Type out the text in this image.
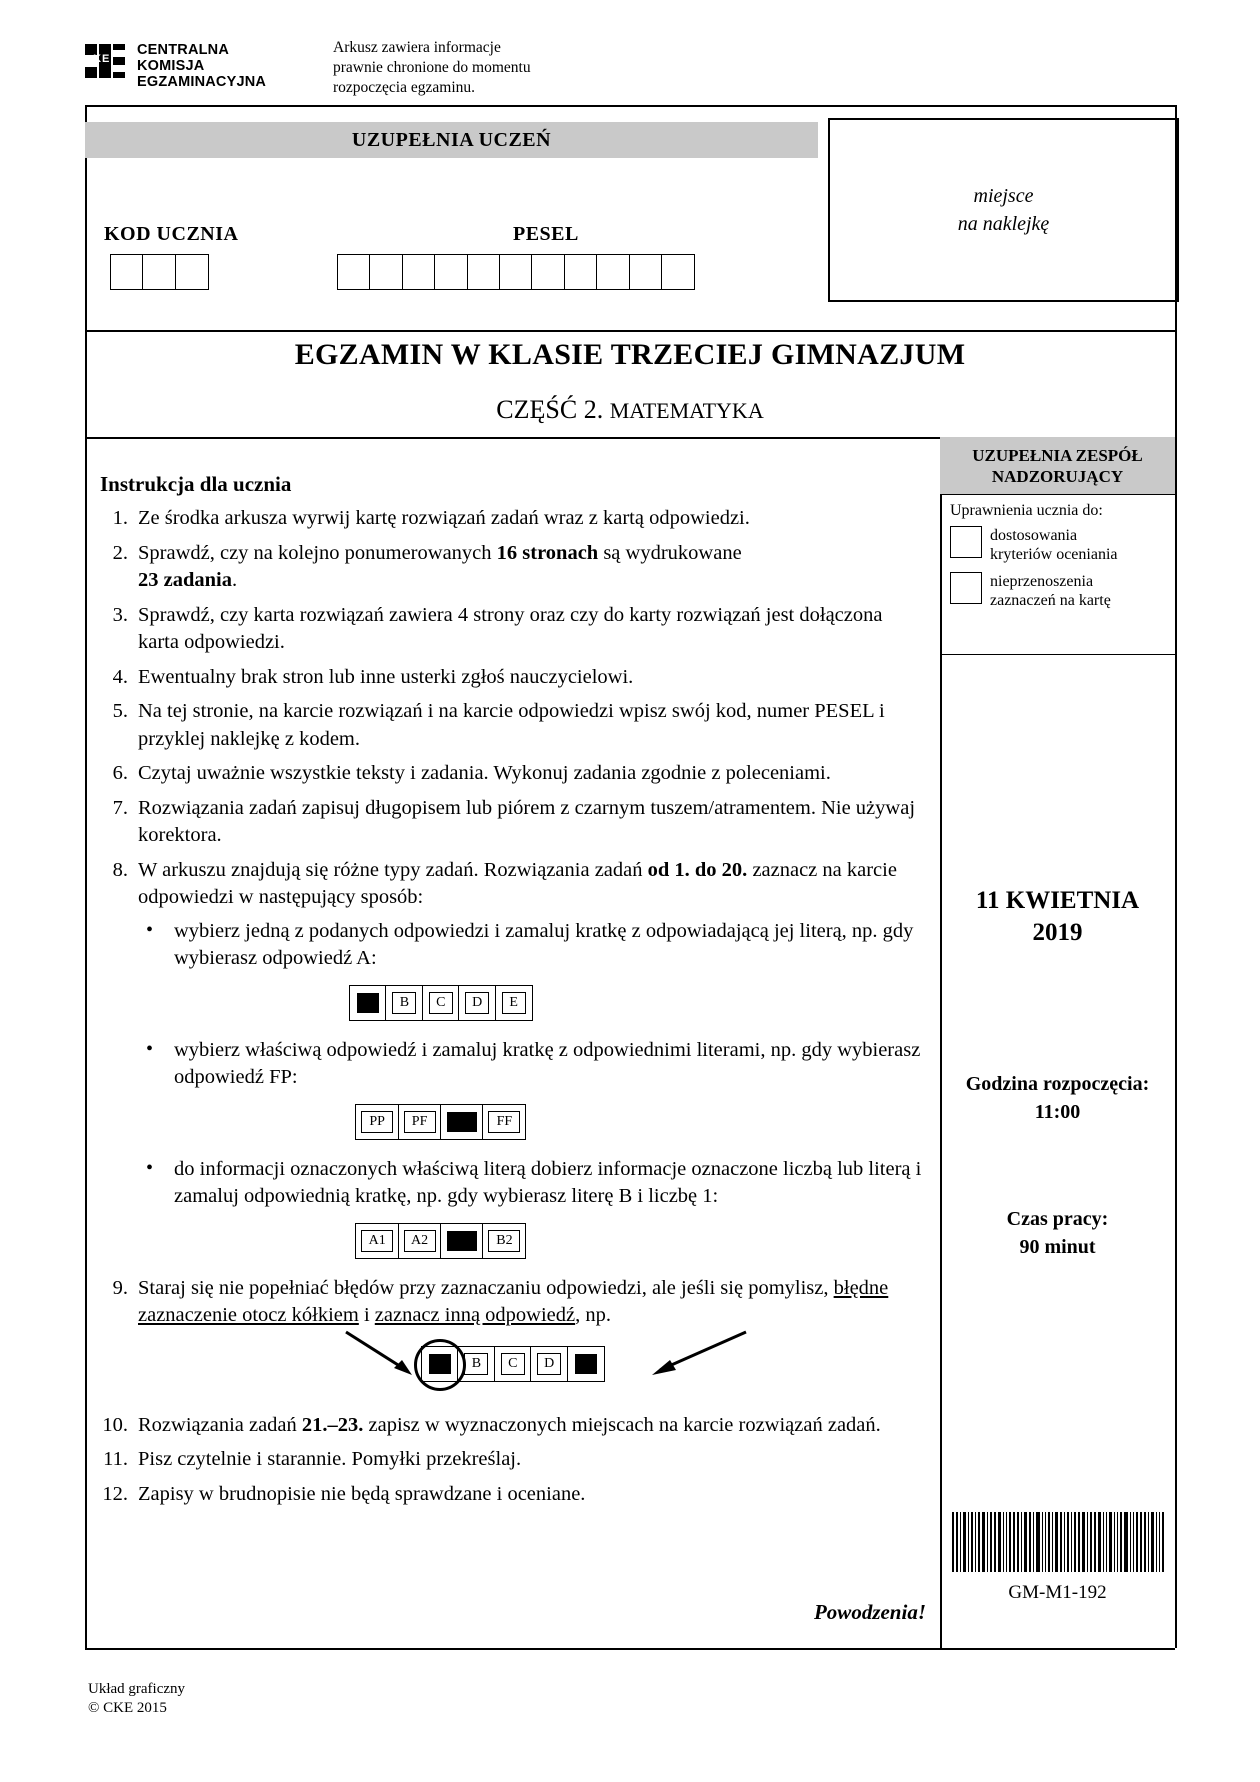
cKE
CENTRALNA
KOMISJA
EGZAMINACYJNA
Arkusz zawiera informacje
prawnie chronione do momentu
rozpoczęcia egzaminu.
UZUPEŁNIA UCZEŃ
miejsce
na naklejkę
KOD UCZNIA	PESEL
EGZAMIN W KLASIE TRZECIEJ GIMNAZJUM
CZĘŚĆ 2. MATEMATYKA
Instrukcja dla ucznia
1. Ze środka arkusza wyrwij kartę rozwiązań zadań wraz z kartą odpowiedzi.
2. Sprawdź, czy na kolejno ponumerowanych 16 stronach są wydrukowane
23 zadania.
3. Sprawdź, czy karta rozwiązań zawiera 4 strony oraz czy do karty rozwiązań jest dołączona karta odpowiedzi.
4. Ewentualny brak stron lub inne usterki zgłoś nauczycielowi.
5. Na tej stronie, na karcie rozwiązań i na karcie odpowiedzi wpisz swój kod, numer PESEL i przyklej naklejkę z kodem.
6. Czytaj uważnie wszystkie teksty i zadania. Wykonuj zadania zgodnie z poleceniami.
7. Rozwiązania zadań zapisuj długopisem lub piórem z czarnym tuszem/atramentem. Nie używaj korektora.
8. W arkuszu znajdują się różne typy zadań. Rozwiązania zadań od 1. do 20. zaznacz na karcie odpowiedzi w następujący sposób:
• wybierz jedną z podanych odpowiedzi i zamaluj kratkę z odpowiadającą jej literą, np. gdy wybierasz odpowiedź A:
B	C	D	E
• wybierz właściwą odpowiedź i zamaluj kratkę z odpowiednimi literami, np. gdy wybierasz odpowiedź FP:
PP	PF	FF
• do informacji oznaczonych właściwą literą dobierz informacje oznaczone liczbą lub literą i zamaluj odpowiednią kratkę, np. gdy wybierasz literę B i liczbę 1:
A1	A2	B2
9. Staraj się nie popełniać błędów przy zaznaczaniu odpowiedzi, ale jeśli się pomylisz, błędne zaznaczenie otocz kółkiem i zaznacz inną odpowiedź, np.
B	C	D
10. Rozwiązania zadań 21.–23. zapisz w wyznaczonych miejscach na karcie rozwiązań zadań.
11. Pisz czytelnie i starannie. Pomyłki przekreślaj.
12. Zapisy w brudnopisie nie będą sprawdzane i oceniane.
Powodzenia!
UZUPEŁNIA ZESPÓŁ
NADZORUJĄCY
Uprawnienia ucznia do:
dostosowania
kryteriów oceniania
nieprzenoszenia
zaznaczeń na kartę
11 KWIETNIA
2019
Godzina rozpoczęcia:
11:00
Czas pracy:
90 minut
GM-M1-192
Układ graficzny
© CKE 2015
